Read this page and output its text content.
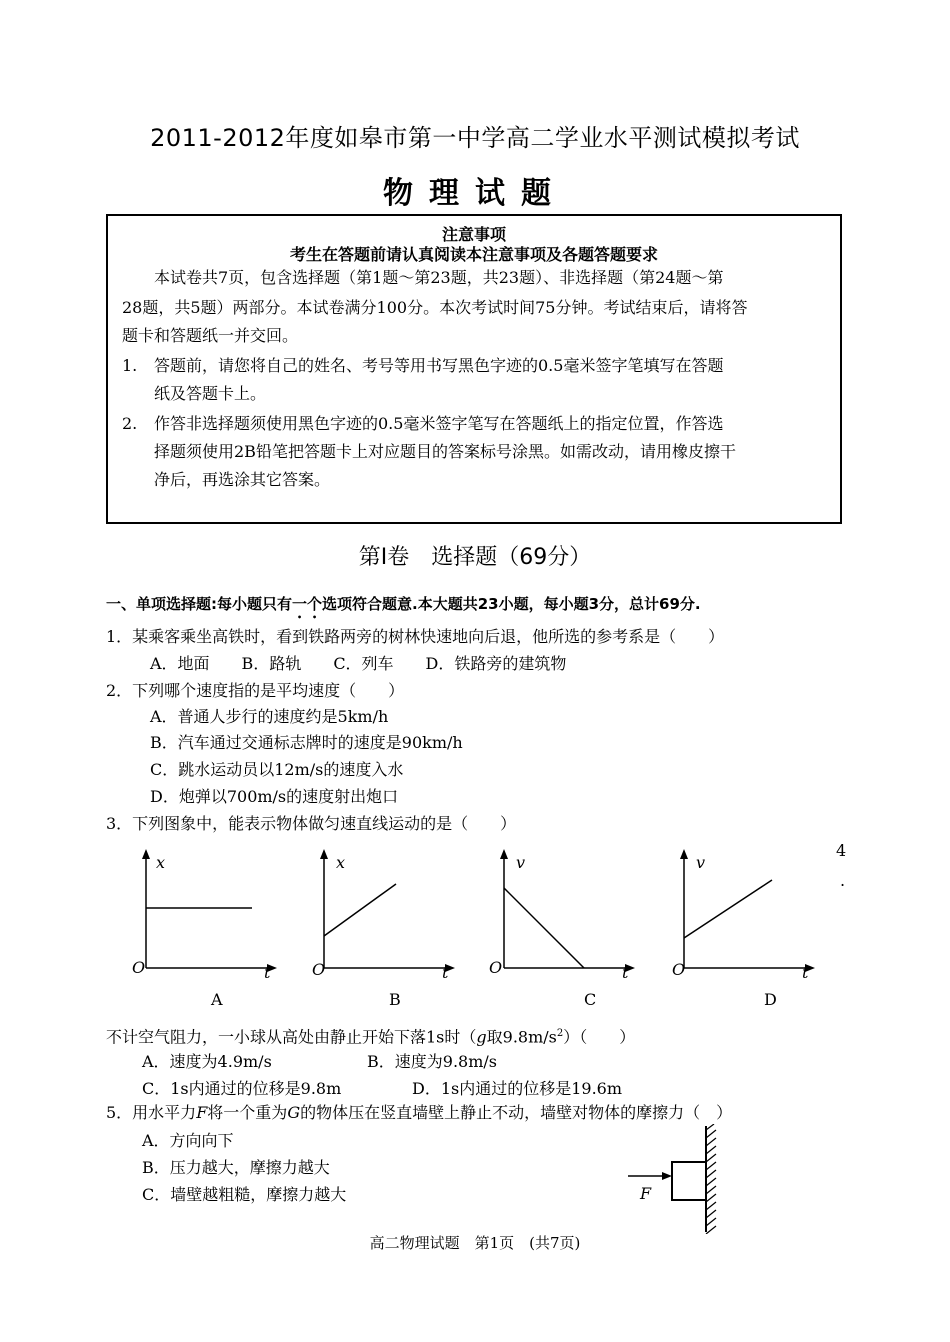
2011-2012年度如皋市第一中学高二学业水平测试模拟考试
物理试题
注意事项
考生在答题前请认真阅读本注意事项及各题答题要求
本试卷共7页，包含选择题（第1题～第23题，共23题）、非选择题（第24题～第
28题，共5题）两部分。本试卷满分100分。本次考试时间75分钟。考试结束后，请将答
题卡和答题纸一并交回。
1.	答题前，请您将自己的姓名、考号等用书写黑色字迹的0.5毫米签字笔填写在答题
纸及答题卡上。
2.	作答非选择题须使用黑色字迹的0.5毫米签字笔写在答题纸上的指定位置，作答选
择题须使用2B铅笔把答题卡上对应题目的答案标号涂黑。如需改动，请用橡皮擦干
净后，再选涂其它答案。
第Ⅰ卷　选择题（69分）
一、单项选择题:每小题只有一个选项符合题意.本大题共23小题，每小题3分，总计69分.
1．某乘客乘坐高铁时，看到铁路两旁的树林快速地向后退，他所选的参考系是（　　）
A．地面　　B．路轨　　C．列车　　D．铁路旁的建筑物
2．下列哪个速度指的是平均速度（　　）
A．普通人步行的速度约是5km/h
B．汽车通过交通标志牌时的速度是90km/h
C．跳水运动员以12m/s的速度入水
D．炮弹以700m/s的速度射出炮口
3．下列图象中，能表示物体做匀速直线运动的是（　　）
x
O	t
A
x
O	t
B
v
O	t
C
v
O	t
D
4
.
不计空气阻力，一小球从高处由静止开始下落1s时（g取$9.8m/s^2$）（　　）
A．速度为4.9m/s	B．速度为9.8m/s
C．1s内通过的位移是9.8m	D．1s内通过的位移是19.6m
5．用水平力F将一个重为G的物体压在竖直墙壁上静止不动，墙壁对物体的摩擦力（　）
A．方向向下
B．压力越大，摩擦力越大
C．墙壁越粗糙，摩擦力越大	F
高二物理试题　第1页　(共7页)
